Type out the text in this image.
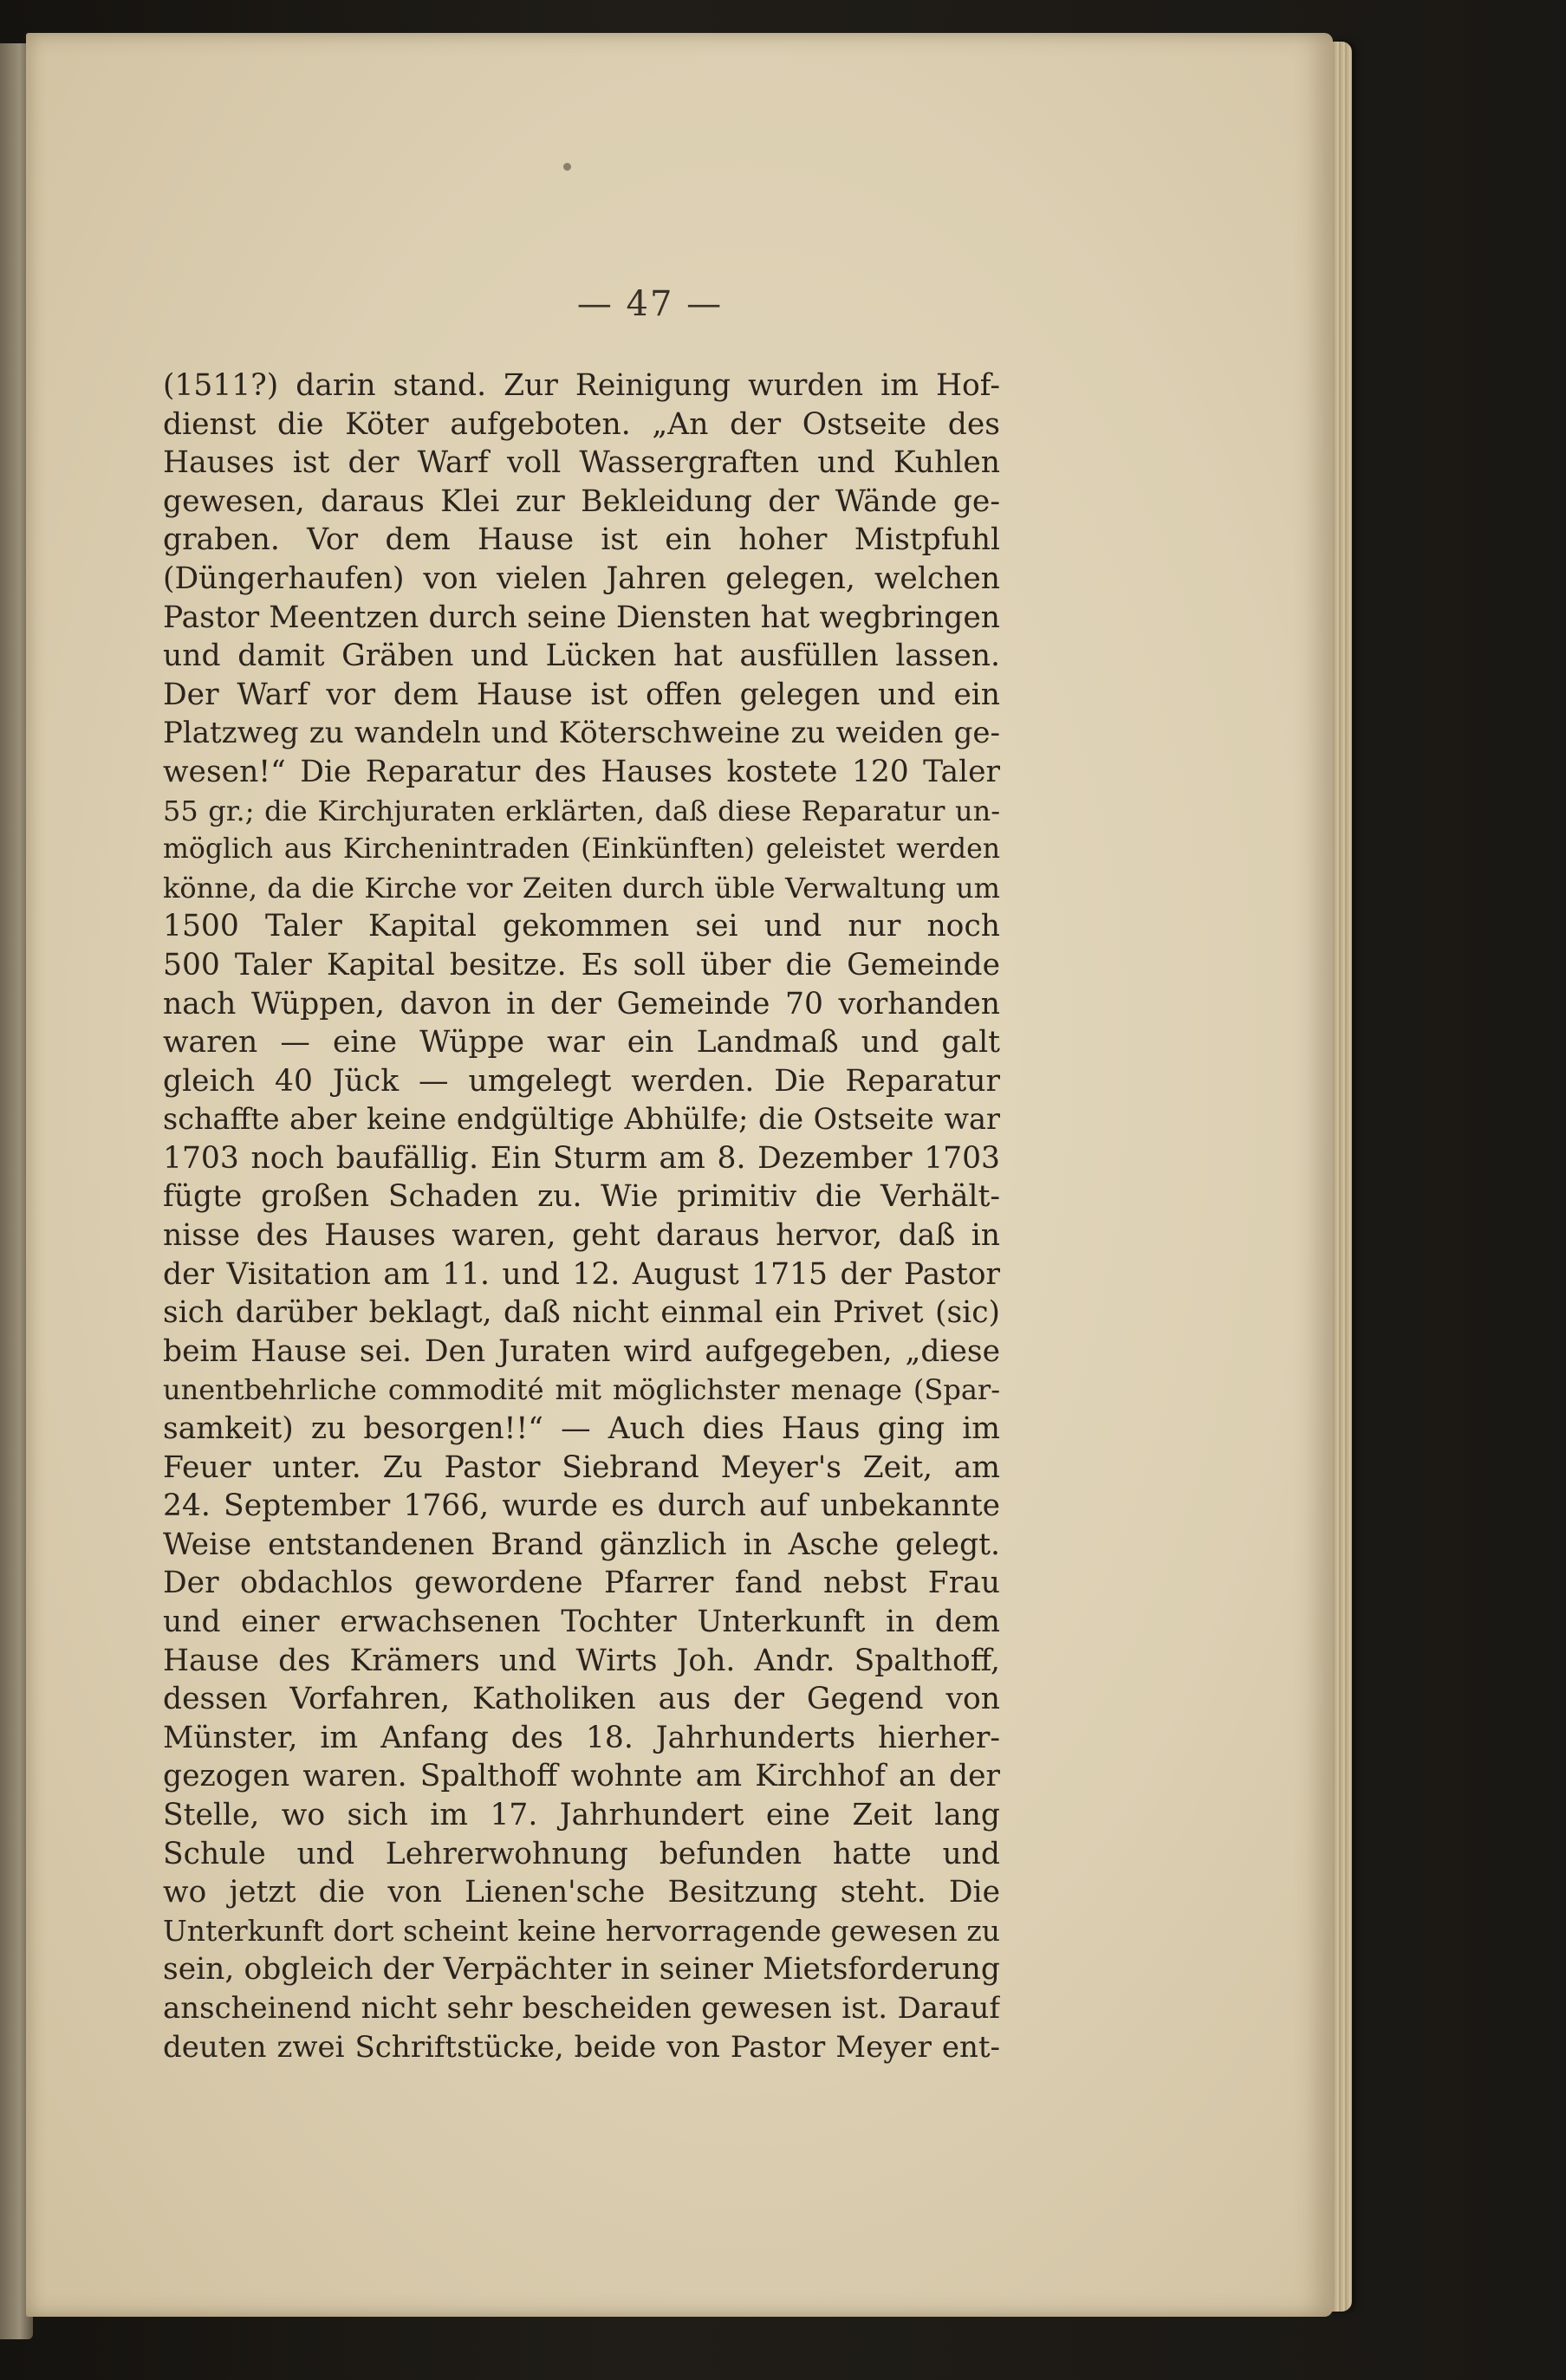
— 47 —
(1511?) darin stand. Zur Reinigung wurden im Hof-
dienst die Köter aufgeboten. „An der Ostseite des
Hauses ist der Warf voll Wassergraften und Kuhlen
gewesen, daraus Klei zur Bekleidung der Wände ge-
graben. Vor dem Hause ist ein hoher Mistpfuhl
(Düngerhaufen) von vielen Jahren gelegen, welchen
Pastor Meentzen durch seine Diensten hat wegbringen
und damit Gräben und Lücken hat ausfüllen lassen.
Der Warf vor dem Hause ist offen gelegen und ein
Platzweg zu wandeln und Köterschweine zu weiden ge-
wesen!“ Die Reparatur des Hauses kostete 120 Taler
55 gr.; die Kirchjuraten erklärten, daß diese Reparatur un-
möglich aus Kirchenintraden (Einkünften) geleistet werden
könne, da die Kirche vor Zeiten durch üble Verwaltung um
1500 Taler Kapital gekommen sei und nur noch
500 Taler Kapital besitze. Es soll über die Gemeinde
nach Wüppen, davon in der Gemeinde 70 vorhanden
waren — eine Wüppe war ein Landmaß und galt
gleich 40 Jück — umgelegt werden. Die Reparatur
schaffte aber keine endgültige Abhülfe; die Ostseite war
1703 noch baufällig. Ein Sturm am 8. Dezember 1703
fügte großen Schaden zu. Wie primitiv die Verhält-
nisse des Hauses waren, geht daraus hervor, daß in
der Visitation am 11. und 12. August 1715 der Pastor
sich darüber beklagt, daß nicht einmal ein Privet (sic)
beim Hause sei. Den Juraten wird aufgegeben, „diese
unentbehrliche commodité mit möglichster menage (Spar-
samkeit) zu besorgen!!“ — Auch dies Haus ging im
Feuer unter. Zu Pastor Siebrand Meyer's Zeit, am
24. September 1766, wurde es durch auf unbekannte
Weise entstandenen Brand gänzlich in Asche gelegt.
Der obdachlos gewordene Pfarrer fand nebst Frau
und einer erwachsenen Tochter Unterkunft in dem
Hause des Krämers und Wirts Joh. Andr. Spalthoff,
dessen Vorfahren, Katholiken aus der Gegend von
Münster, im Anfang des 18. Jahrhunderts hierher-
gezogen waren. Spalthoff wohnte am Kirchhof an der
Stelle, wo sich im 17. Jahrhundert eine Zeit lang
Schule und Lehrerwohnung befunden hatte und
wo jetzt die von Lienen'sche Besitzung steht. Die
Unterkunft dort scheint keine hervorragende gewesen zu
sein, obgleich der Verpächter in seiner Mietsforderung
anscheinend nicht sehr bescheiden gewesen ist. Darauf
deuten zwei Schriftstücke, beide von Pastor Meyer ent-
